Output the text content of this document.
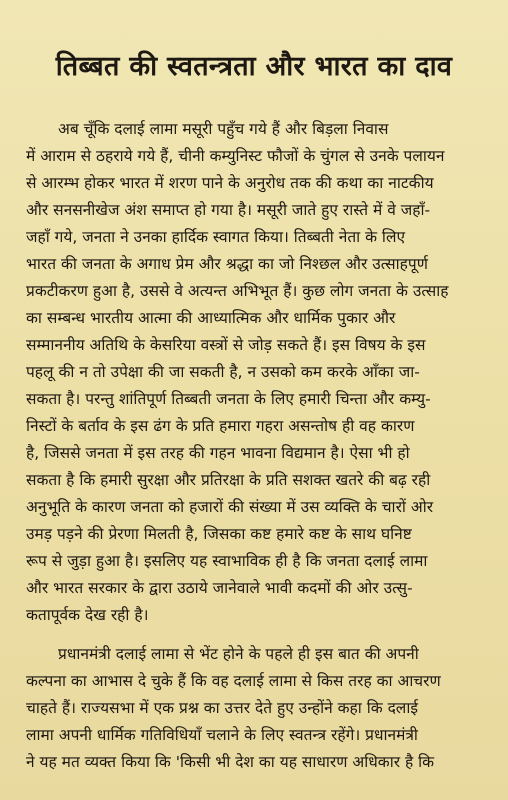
तिब्बत की स्वतन्त्रता और भारत का दाव
अब चूँकि दलाई लामा मसूरी पहुँच गये हैं और बिड़ला निवास
में आराम से ठहराये गये हैं, चीनी कम्युनिस्ट फौजों के चुंगल से उनके पलायन
से आरम्भ होकर भारत में शरण पाने के अनुरोध तक की कथा का नाटकीय
और सनसनीखेज अंश समाप्त हो गया है। मसूरी जाते हुए रास्ते में वे जहाँ-
जहाँ गये, जनता ने उनका हार्दिक स्वागत किया। तिब्बती नेता के लिए
भारत की जनता के अगाध प्रेम और श्रद्धा का जो निश्छल और उत्साहपूर्ण
प्रकटीकरण हुआ है, उससे वे अत्यन्त अभिभूत हैं। कुछ लोग जनता के उत्साह
का सम्बन्ध भारतीय आत्मा की आध्यात्मिक और धार्मिक पुकार और
सम्माननीय अतिथि के केसरिया वस्त्रों से जोड़ सकते हैं। इस विषय के इस
पहलू की न तो उपेक्षा की जा सकती है, न उसको कम करके आँका जा-
सकता है। परन्तु शांतिपूर्ण तिब्बती जनता के लिए हमारी चिन्ता और कम्यु-
निस्टों के बर्ताव के इस ढंग के प्रति हमारा गहरा असन्तोष ही वह कारण
है, जिससे जनता में इस तरह की गहन भावना विद्यमान है। ऐसा भी हो
सकता है कि हमारी सुरक्षा और प्रतिरक्षा के प्रति सशक्त खतरे की बढ़ रही
अनुभूति के कारण जनता को हजारों की संख्या में उस व्यक्ति के चारों ओर
उमड़ पड़ने की प्रेरणा मिलती है, जिसका कष्ट हमारे कष्ट के साथ घनिष्ट
रूप से जुड़ा हुआ है। इसलिए यह स्वाभाविक ही है कि जनता दलाई लामा
और भारत सरकार के द्वारा उठाये जानेवाले भावी कदमों की ओर उत्सु-
कतापूर्वक देख रही है।
प्रधानमंत्री दलाई लामा से भेंट होने के पहले ही इस बात की अपनी
कल्पना का आभास दे चुके हैं कि वह दलाई लामा से किस तरह का आचरण
चाहते हैं। राज्यसभा में एक प्रश्न का उत्तर देते हुए उन्होंने कहा कि दलाई
लामा अपनी धार्मिक गतिविधियाँ चलाने के लिए स्वतन्त्र रहेंगे। प्रधानमंत्री
ने यह मत व्यक्त किया कि 'किसी भी देश का यह साधारण अधिकार है कि
